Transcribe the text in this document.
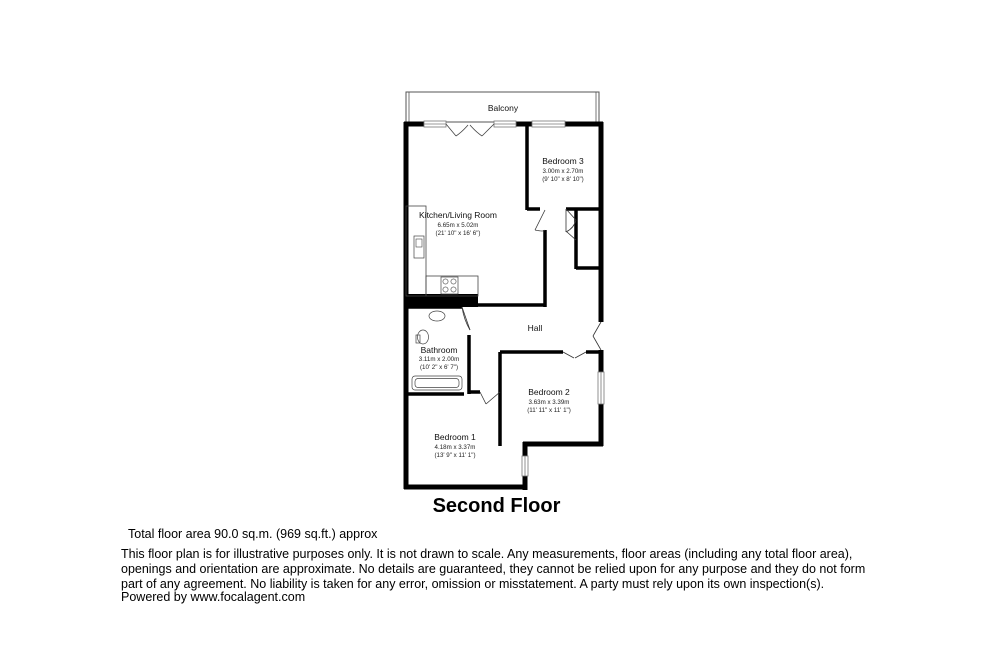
Balcony
Kitchen/Living Room
6.65m x 5.02m
(21' 10" x 16' 6")
Bedroom 3
3.00m x 2.70m
(9' 10" x 8' 10")
Hall
Bathroom
3.11m x 2.00m
(10' 2" x 6' 7")
Bedroom 2
3.63m x 3.39m
(11' 11" x 11' 1")
Bedroom 1
4.18m x 3.37m
(13' 9" x 11' 1")
Second Floor
Total floor area 90.0 sq.m. (969 sq.ft.) approx
This floor plan is for illustrative purposes only. It is not drawn to scale. Any measurements, floor areas (including any total floor area), openings and orientation are approximate. No details are guaranteed, they cannot be relied upon for any purpose and they do not form part of any agreement. No liability is taken for any error, omission or misstatement. A party must rely upon its own inspection(s).
Powered by www.focalagent.com
